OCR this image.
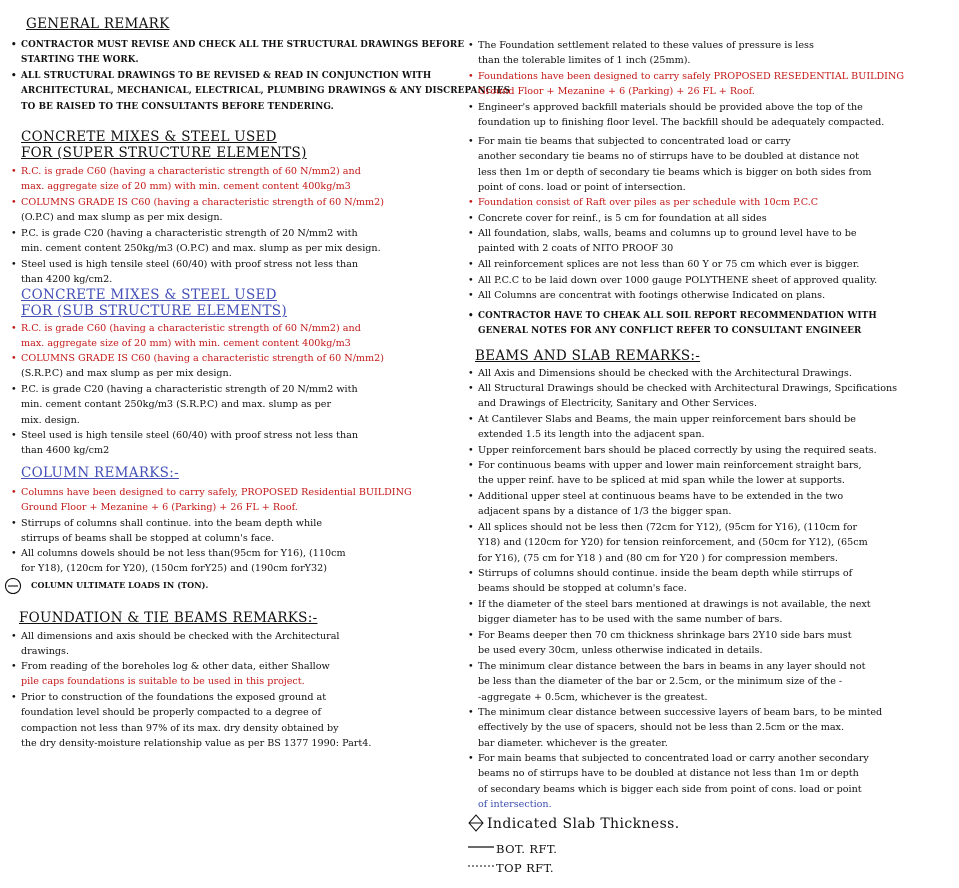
GENERAL REMARK
• CONTRACTOR MUST REVISE AND CHECK ALL THE STRUCTURAL DRAWINGS BEFORE
STARTING THE WORK.
• ALL STRUCTURAL DRAWINGS TO BE REVISED & READ IN CONJUNCTION WITH
ARCHITECTURAL, MECHANICAL, ELECTRICAL, PLUMBING DRAWINGS & ANY DISCREPANCIES
TO BE RAISED TO THE CONSULTANTS BEFORE TENDERING.
CONCRETE MIXES & STEEL USED
FOR (SUPER STRUCTURE ELEMENTS)
• R.C. is grade C60 (having a characteristic strength of 60 N/mm2) and
max. aggregate size of 20 mm) with min. cement content 400kg/m3
• COLUMNS GRADE IS C60 (having a characteristic strength of 60 N/mm2)
(O.P.C) and max slump as per mix design.
• P.C. is grade C20 (having a characteristic strength of 20 N/mm2 with
min. cement content 250kg/m3 (O.P.C) and max. slump as per mix design.
• Steel used is high tensile steel (60/40) with proof stress not less than
than 4200 kg/cm2.
CONCRETE MIXES & STEEL USED
FOR (SUB STRUCTURE ELEMENTS)
• R.C. is grade C60 (having a characteristic strength of 60 N/mm2) and
max. aggregate size of 20 mm) with min. cement content 400kg/m3
• COLUMNS GRADE IS C60 (having a characteristic strength of 60 N/mm2)
(S.R.P.C) and max slump as per mix design.
• P.C. is grade C20 (having a characteristic strength of 20 N/mm2 with
min. cement contant 250kg/m3 (S.R.P.C) and max. slump as per
mix. design.
• Steel used is high tensile steel (60/40) with proof stress not less than
than 4600 kg/cm2
COLUMN REMARKS:-
• Columns have been designed to carry safely, PROPOSED Residential BUILDING
Ground Floor + Mezanine + 6 (Parking) + 26 FL + Roof.
• Stirrups of columns shall continue. into the beam depth while
stirrups of beams shall be stopped at column's face.
• All columns dowels should be not less than(95cm for Y16), (110cm
for Y18), (120cm for Y20), (150cm forY25) and (190cm forY32)
COLUMN ULTIMATE LOADS IN (TON).
FOUNDATION & TIE BEAMS REMARKS:-
• All dimensions and axis should be checked with the Architectural
drawings.
• From reading of the boreholes log & other data, either Shallow
pile caps foundations is suitable to be used in this project.
• Prior to construction of the foundations the exposed ground at
foundation level should be properly compacted to a degree of
compaction not less than 97% of its max. dry density obtained by
the dry density-moisture relationship value as per BS 1377 1990: Part4.
• The Foundation settlement related to these values of pressure is less
than the tolerable limites of 1 inch (25mm).
• Foundations have been designed to carry safely PROPOSED RESEDENTIAL BUILDING
Ground Floor + Mezanine + 6 (Parking) + 26 FL + Roof.
• Engineer's approved backfill materials should be provided above the top of the
foundation up to finishing floor level. The backfill should be adequately compacted.
• For main tie beams that subjected to concentrated load or carry
another secondary tie beams no of stirrups have to be doubled at distance not
less then 1m or depth of secondary tie beams which is bigger on both sides from
point of cons. load or point of intersection.
• Foundation consist of Raft over piles as per schedule with 10cm P.C.C
• Concrete cover for reinf., is 5 cm for foundation at all sides
• All foundation, slabs, walls, beams and columns up to ground level have to be
painted with 2 coats of NITO PROOF 30
• All reinforcement splices are not less than 60 Y or 75 cm which ever is bigger.
• All P.C.C to be laid down over 1000 gauge POLYTHENE sheet of approved quality.
• All Columns are concentrat with footings otherwise Indicated on plans.
• CONTRACTOR HAVE TO CHEAK ALL SOIL REPORT RECOMMENDATION WITH
GENERAL NOTES FOR ANY CONFLICT REFER TO CONSULTANT ENGINEER
BEAMS AND SLAB REMARKS:-
• All Axis and Dimensions should be checked with the Architectural Drawings.
• All Structural Drawings should be checked with Architectural Drawings, Spcifications
and Drawings of Electricity, Sanitary and Other Services.
• At Cantilever Slabs and Beams, the main upper reinforcement bars should be
extended 1.5 its length into the adjacent span.
• Upper reinforcement bars should be placed correctly by using the required seats.
• For continuous beams with upper and lower main reinforcement straight bars,
the upper reinf. have to be spliced at mid span while the lower at supports.
• Additional upper steel at continuous beams have to be extended in the two
adjacent spans by a distance of 1/3 the bigger span.
• All splices should not be less then (72cm for Y12), (95cm for Y16), (110cm for
Y18) and (120cm for Y20) for tension reinforcement, and (50cm for Y12), (65cm
for Y16), (75 cm for Y18 ) and (80 cm for Y20 ) for compression members.
• Stirrups of columns should continue. inside the beam depth while stirrups of
beams should be stopped at column's face.
• If the diameter of the steel bars mentioned at drawings is not available, the next
bigger diameter has to be used with the same number of bars.
• For Beams deeper then 70 cm thickness shrinkage bars 2Y10 side bars must
be used every 30cm, unless otherwise indicated in details.
• The minimum clear distance between the bars in beams in any layer should not
be less than the diameter of the bar or 2.5cm, or the minimum size of the -
-aggregate + 0.5cm, whichever is the greatest.
• The minimum clear distance between successive layers of beam bars, to be minted
effectively by the use of spacers, should not be less than 2.5cm or the max.
bar diameter. whichever is the greater.
• For main beams that subjected to concentrated load or carry another secondary
beams no of stirrups have to be doubled at distance not less than 1m or depth
of secondary beams which is bigger each side from point of cons. load or point
of intersection.
Indicated Slab Thickness.
BOT. RFT.
TOP RFT.
